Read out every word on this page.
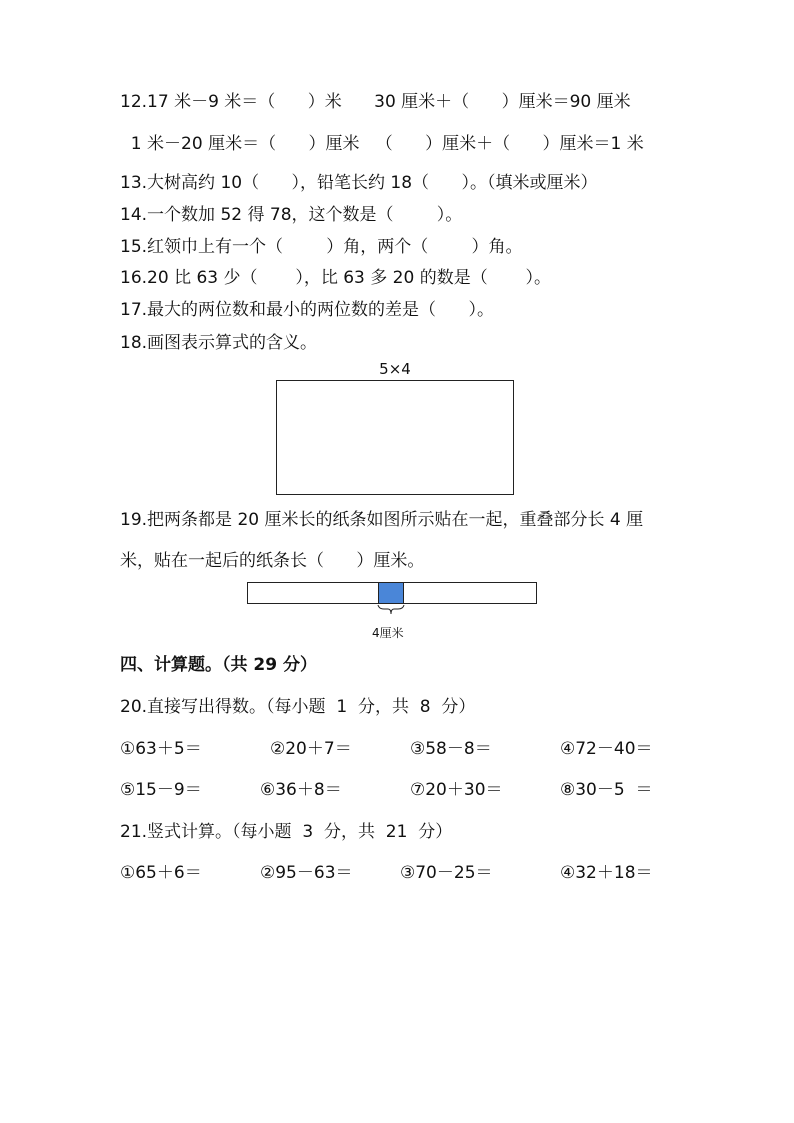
12.17 米－9 米＝（      ）米      30 厘米＋（      ）厘米＝90 厘米
1 米－20 厘米＝（      ）厘米   （      ）厘米＋（      ）厘米＝1 米
13.大树高约 10（      ），铅笔长约 18（      ）。（填米或厘米）
14.一个数加 52 得 78，这个数是（        ）。
15.红领巾上有一个（        ）角，两个（        ）角。
16.20 比 63 少（       ），比 63 多 20 的数是（       ）。
17.最大的两位数和最小的两位数的差是（      ）。
18.画图表示算式的含义。
5×4
19.把两条都是 20 厘米长的纸条如图所示贴在一起，重叠部分长 4 厘
米，贴在一起后的纸条长（      ）厘米。
4厘米
四、计算题。（共 29 分）
20.直接写出得数。（每小题  1  分，共  8  分）
①63＋5＝	②20＋7＝	③58－8＝	④72－40＝
⑤15－9＝	⑥36＋8＝	⑦20＋30＝	⑧30－5  ＝
21.竖式计算。（每小题  3  分，共  21  分）
①65＋6＝	②95－63＝	③70－25＝	④32＋18＝
